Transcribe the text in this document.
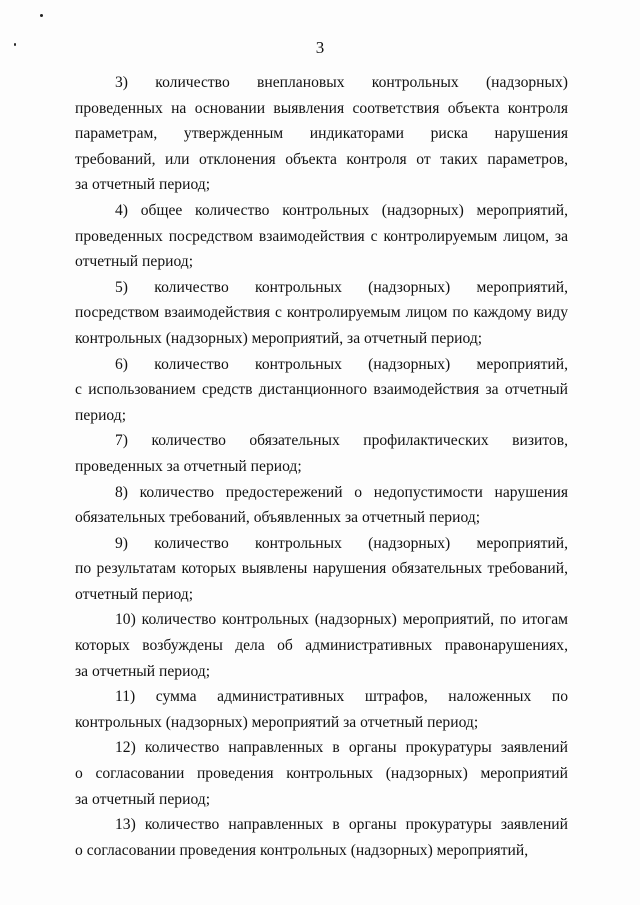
3
3) количество внеплановых контрольных (надзорных)
проведенных на основании выявления соответствия объекта контроля
параметрам, утвержденным индикаторами риска нарушения
требований, или отклонения объекта контроля от таких параметров,
за отчетный период;
4) общее количество контрольных (надзорных) мероприятий,
проведенных посредством взаимодействия с контролируемым лицом, за
отчетный период;
5) количество контрольных (надзорных) мероприятий,
посредством взаимодействия с контролируемым лицом по каждому виду
контрольных (надзорных) мероприятий, за отчетный период;
6) количество контрольных (надзорных) мероприятий,
с использованием средств дистанционного взаимодействия за отчетный
период;
7) количество обязательных профилактических визитов,
проведенных за отчетный период;
8) количество предостережений о недопустимости нарушения
обязательных требований, объявленных за отчетный период;
9) количество контрольных (надзорных) мероприятий,
по результатам которых выявлены нарушения обязательных требований,
отчетный период;
10) количество контрольных (надзорных) мероприятий, по итогам
которых возбуждены дела об административных правонарушениях,
за отчетный период;
11) сумма административных штрафов, наложенных по
контрольных (надзорных) мероприятий за отчетный период;
12) количество направленных в органы прокуратуры заявлений
о согласовании проведения контрольных (надзорных) мероприятий
за отчетный период;
13) количество направленных в органы прокуратуры заявлений
о согласовании проведения контрольных (надзорных) мероприятий,
